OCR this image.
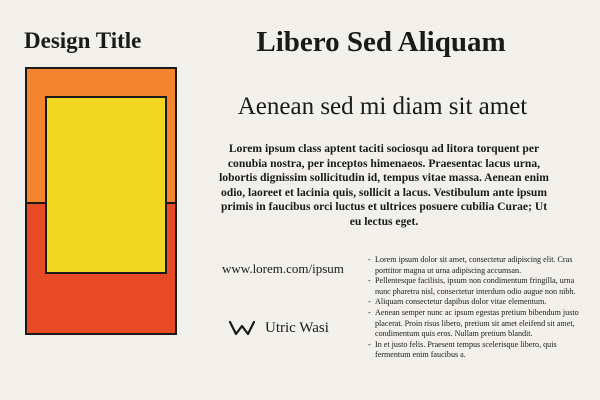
Design Title	Libero Sed Aliquam
Aenean sed mi diam sit amet

Lorem ipsum class aptent taciti sociosqu ad litora torquent per conubia nostra, per inceptos himenaeos. Praesentac lacus urna, lobortis dignissim sollicitudin id, tempus vitae massa. Aenean enim odio, laoreet et lacinia quis, sollicit a lacus. Vestibulum ante ipsum primis in faucibus orci luctus et ultrices posuere cubilia Curae; Ut eu lectus eget.

www.lorem.com/ipsum
Utric Wasi
- Lorem ipsum dolor sit amet, consectetur adipiscing elit. Cras porttitor magna ut urna adipiscing accumsan.
- Pellentesque facilisis, ipsum non condimentum fringilla, urna nunc pharetra nisl, consectetur interdum odio augue non nibh.
- Aliquam consectetur dapibus dolor vitae elementum.
- Aenean semper nunc ac ipsum egestas pretium bibendum justo placerat. Proin risus libero, pretium sit amet eleifend sit amet, condimentum quis eros. Nullam pretium blandit.
- In et justo felis. Praesent tempus scelerisque libero, quis fermentum enim faucibus a.
